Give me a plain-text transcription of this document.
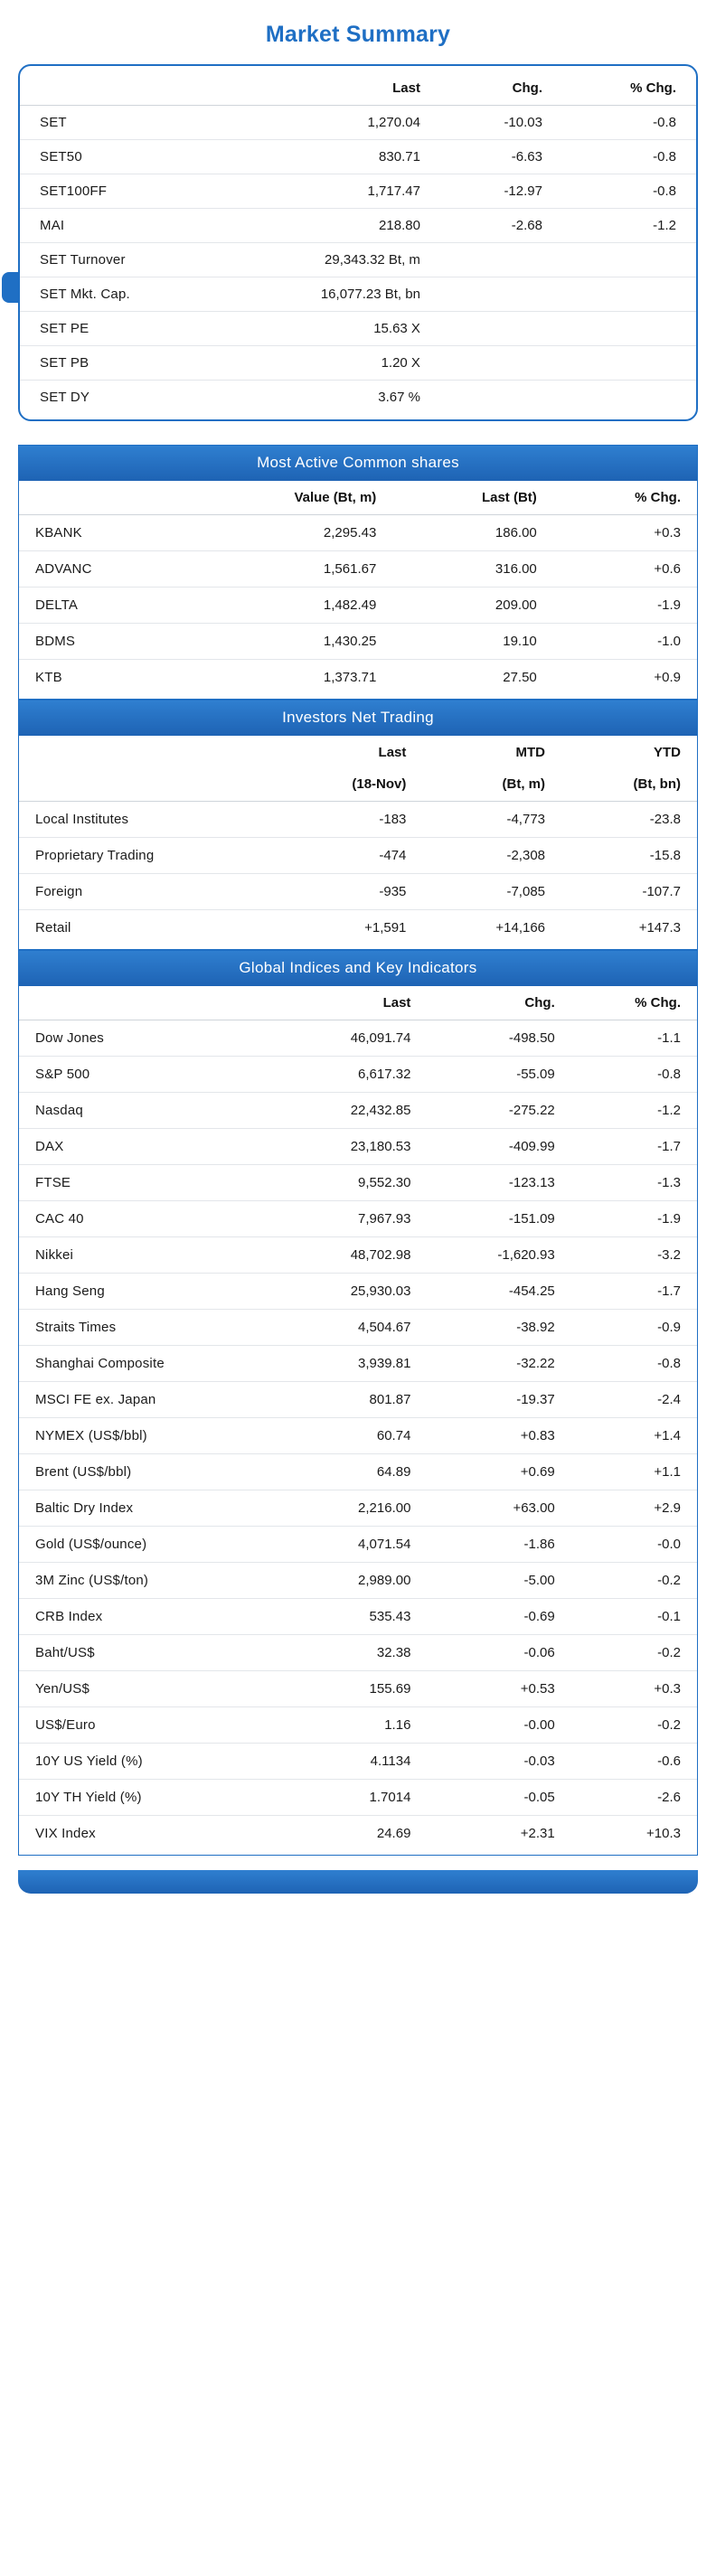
Market Summary
	Last	Chg.	% Chg.
SET	1,270.04	-10.03	-0.8
SET50	830.71	-6.63	-0.8
SET100FF	1,717.47	-12.97	-0.8
MAI	218.80	-2.68	-1.2
SET Turnover	29,343.32 Bt, m		
SET Mkt. Cap.	16,077.23 Bt, bn		
SET PE	15.63 X		
SET PB	1.20 X		
SET DY	3.67 %		
Most Active Common shares
	Value (Bt, m)	Last (Bt)	% Chg.
KBANK	2,295.43	186.00	+0.3
ADVANC	1,561.67	316.00	+0.6
DELTA	1,482.49	209.00	-1.9
BDMS	1,430.25	19.10	-1.0
KTB	1,373.71	27.50	+0.9
Investors Net Trading
	Last	MTD	YTD
	(18-Nov)	(Bt, m)	(Bt, bn)
Local Institutes	-183	-4,773	-23.8
Proprietary Trading	-474	-2,308	-15.8
Foreign	-935	-7,085	-107.7
Retail	+1,591	+14,166	+147.3
Global Indices and Key Indicators
	Last	Chg.	% Chg.
Dow Jones	46,091.74	-498.50	-1.1
S&P 500	6,617.32	-55.09	-0.8
Nasdaq	22,432.85	-275.22	-1.2
DAX	23,180.53	-409.99	-1.7
FTSE	9,552.30	-123.13	-1.3
CAC 40	7,967.93	-151.09	-1.9
Nikkei	48,702.98	-1,620.93	-3.2
Hang Seng	25,930.03	-454.25	-1.7
Straits Times	4,504.67	-38.92	-0.9
Shanghai Composite	3,939.81	-32.22	-0.8
MSCI FE ex. Japan	801.87	-19.37	-2.4
NYMEX (US$/bbl)	60.74	+0.83	+1.4
Brent (US$/bbl)	64.89	+0.69	+1.1
Baltic Dry Index	2,216.00	+63.00	+2.9
Gold (US$/ounce)	4,071.54	-1.86	-0.0
3M Zinc (US$/ton)	2,989.00	-5.00	-0.2
CRB Index	535.43	-0.69	-0.1
Baht/US$	32.38	-0.06	-0.2
Yen/US$	155.69	+0.53	+0.3
US$/Euro	1.16	-0.00	-0.2
10Y US Yield (%)	4.1134	-0.03	-0.6
10Y TH Yield (%)	1.7014	-0.05	-2.6
VIX Index	24.69	+2.31	+10.3
